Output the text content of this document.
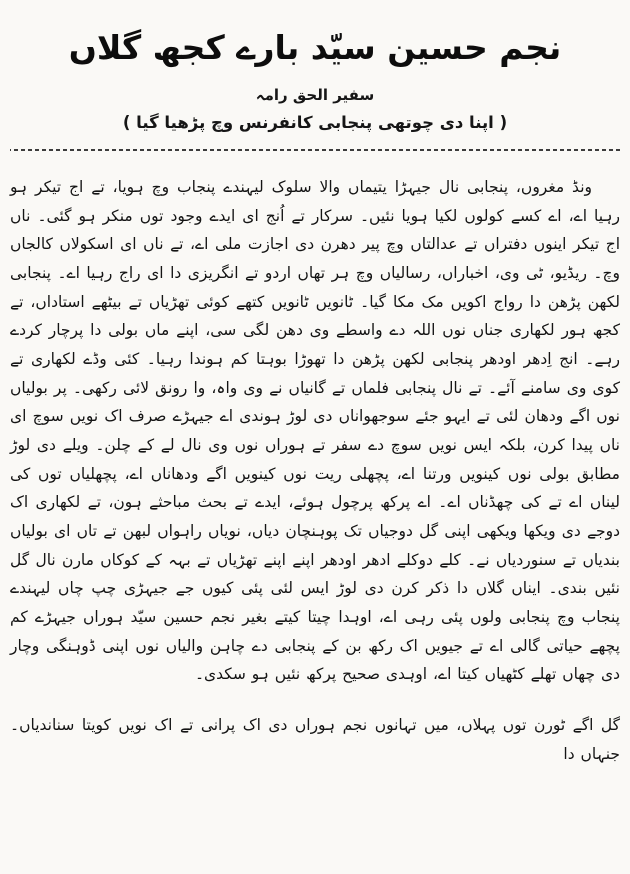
نجم حسین سیّد بارے کجھ گلاں
سفیر الحق رامہ
( اپنا دی چوتھی پنجابی کانفرنس وچ پڑھیا گیا )

ونڈ مغروں، پنجابی نال جیہڑا یتیماں والا سلوک لیہندے پنجاب وچ ہویا، تے اج تیکر ہو رہیا اے، اے کسے کولوں لکیا ہویا نئیں۔ سرکار تے اُنج ای ایدے وجود توں منکر ہو گئی۔ ناں اج تیکر اینوں دفتراں تے عدالتاں وچ پیر دھرن دی اجازت ملی اے، تے ناں ای اسکولاں کالجاں وچ۔ ریڈیو، ٹی وی، اخباراں، رسالیاں وچ ہر تھاں اردو تے انگریزی دا ای راج رہیا اے۔ پنجابی لکھن پڑھن دا رواج اکویں مک مکا گیا۔ ٹانویں ٹانویں کتھے کوئی تھڑیاں تے بیٹھے استاداں، تے کجھ ہور لکھاری جناں نوں اللہ دے واسطے وی دھن لگی سی، اپنے ماں بولی دا پرچار کردے رہے۔ انج اِدھر اودھر پنجابی لکھن پڑھن دا تھوڑا بوہتا کم ہوندا رہیا۔ کئی وڈے لکھاری تے کوی وی سامنے آئے۔ تے نال پنجابی فلماں تے گانیاں نے وی واہ، وا رونق لائی رکھی۔ پر بولیاں نوں اگے ودھان لئی تے ایہو جئے سوجھواناں دی لوڑ ہوندی اے جیہڑے صرف اک نویں سوچ ای ناں پیدا کرن، بلکہ ایس نویں سوچ دے سفر تے ہوراں نوں وی نال لے کے چلن۔ ویلے دی لوڑ مطابق بولی نوں کینویں ورتنا اے، پچھلی ریت نوں کینویں اگے ودھاناں اے، پچھلیاں توں کی لیناں اے تے کی چھڈناں اے۔ اے پرکھ پرچول ہوئے، ایدے تے بحث مباحثے ہون، تے لکھاری اک دوجے دی ویکھا ویکھی اپنی گل دوجیاں تک پوہنچان دیاں، نویاں راہواں لبھن تے تاں ای بولیاں بندیاں تے سنوردیاں نے۔ کلے دوکلے ادھر اودھر اپنے اپنے تھڑیاں تے بہہ کے کوکاں مارن نال گل نئیں بندی۔ ایناں گلاں دا ذکر کرن دی لوڑ ایس لئی پئی کیوں جے جیہڑی چپ چاں لیہندے پنجاب وچ پنجابی ولوں پئی رہی اے، اوہدا چیتا کیتے بغیر نجم حسین سیّد ہوراں جیہڑے کم پچھے حیاتی گالی اے تے جیویں اک رکھ بن کے پنجابی دے چاہن والیاں نوں اپنی ڈوہنگی وچار دی چھاں تھلے کٹھیاں کیتا اے، اوہدی صحیح پرکھ نئیں ہو سکدی۔

گل اگے ٹورن توں پہلاں، میں تہانوں نجم ہوراں دی اک پرانی تے اک نویں کویتا سناندیاں۔ جنہاں دا
